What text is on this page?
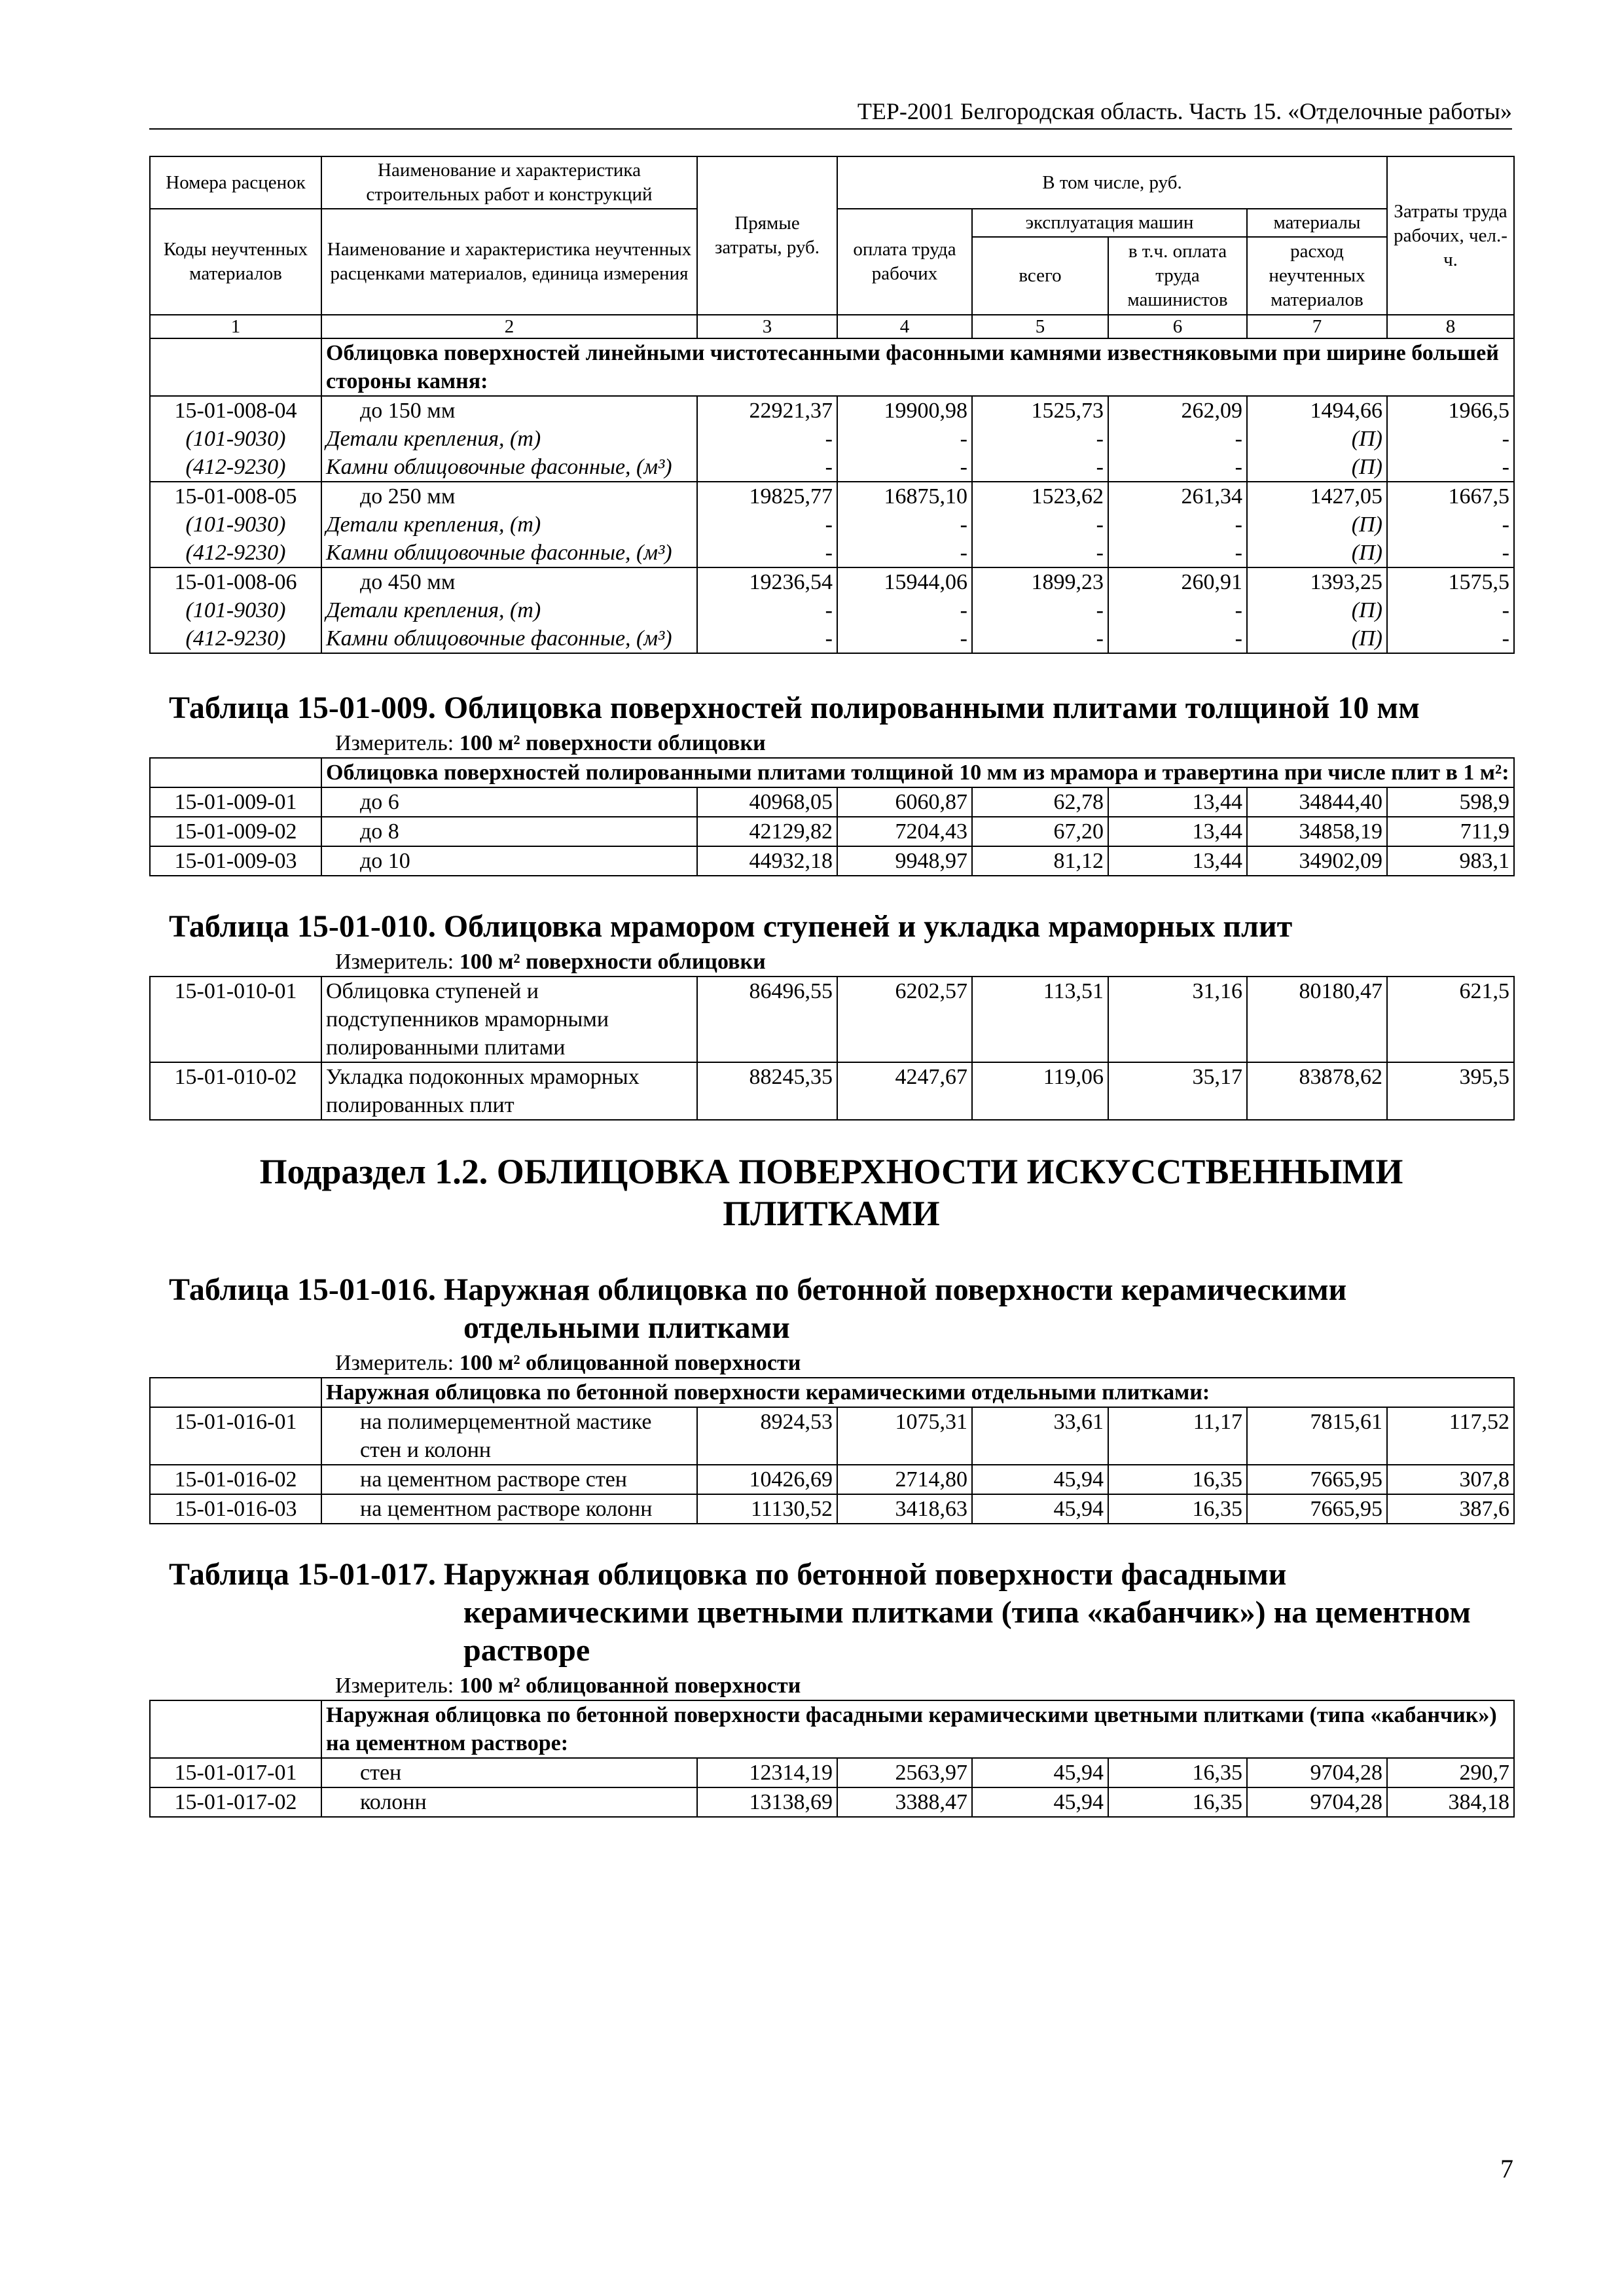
ТЕР-2001 Белгородская область. Часть 15. «Отделочные работы»
Номера расценок	Наименование и характеристика строительных работ и конструкций	Прямые затраты, руб.	В том числе, руб.				Затраты труда рабочих, чел.-ч.
Коды неучтенных материалов	Наименование и характеристика неучтенных расценками материалов, единица измерения		оплата труда рабочих	эксплуатация машин		материалы	
				всего	в т.ч. оплата труда машинистов	расход неучтенных материалов	

1	2	3	4	5	6	7	8
	Облицовка поверхностей линейными чистотесанными фасонными камнями известняковыми при ширине большей стороны камня:						
15-01-008-04	до 150 мм	22921,37	19900,98	1525,73	262,09	1494,66	1966,5
(101-9030)	Детали крепления, (т)	-	-	-	-	(П)	-
(412-9230)	Камни облицовочные фасонные, (м³)	-	-	-	-	(П)	-
15-01-008-05	до 250 мм	19825,77	16875,10	1523,62	261,34	1427,05	1667,5
(101-9030)	Детали крепления, (т)	-	-	-	-	(П)	-
(412-9230)	Камни облицовочные фасонные, (м³)	-	-	-	-	(П)	-
15-01-008-06	до 450 мм	19236,54	15944,06	1899,23	260,91	1393,25	1575,5
(101-9030)	Детали крепления, (т)	-	-	-	-	(П)	-
(412-9230)	Камни облицовочные фасонные, (м³)	-	-	-	-	(П)	-
Таблица 15-01-009. Облицовка поверхностей полированными плитами толщиной 10 мм
Измеритель: 100 м² поверхности облицовки
	Облицовка поверхностей полированными плитами толщиной 10 мм из мрамора и травертина при числе плит в 1 м²:						
15-01-009-01	до 6	40968,05	6060,87	62,78	13,44	34844,40	598,9
15-01-009-02	до 8	42129,82	7204,43	67,20	13,44	34858,19	711,9
15-01-009-03	до 10	44932,18	9948,97	81,12	13,44	34902,09	983,1
Таблица 15-01-010. Облицовка мрамором ступеней и укладка мраморных плит
Измеритель: 100 м² поверхности облицовки
15-01-010-01	Облицовка ступеней и подступенников мраморными полированными плитами	86496,55	6202,57	113,51	31,16	80180,47	621,5
15-01-010-02	Укладка подоконных мраморных полированных плит	88245,35	4247,67	119,06	35,17	83878,62	395,5
Подраздел 1.2. ОБЛИЦОВКА ПОВЕРХНОСТИ ИСКУССТВЕННЫМИ ПЛИТКАМИ
Таблица 15-01-016. Наружная облицовка по бетонной поверхности керамическими отдельными плитками
Измеритель: 100 м² облицованной поверхности
	Наружная облицовка по бетонной поверхности керамическими отдельными плитками:						
15-01-016-01	на полимерцементной мастике стен и колонн	8924,53	1075,31	33,61	11,17	7815,61	117,52
15-01-016-02	на цементном растворе стен	10426,69	2714,80	45,94	16,35	7665,95	307,8
15-01-016-03	на цементном растворе колонн	11130,52	3418,63	45,94	16,35	7665,95	387,6
Таблица 15-01-017. Наружная облицовка по бетонной поверхности фасадными керамическими цветными плитками (типа «кабанчик») на цементном растворе
Измеритель: 100 м² облицованной поверхности
	Наружная облицовка по бетонной поверхности фасадными керамическими цветными плитками (типа «кабанчик») на цементном растворе:						
15-01-017-01	стен	12314,19	2563,97	45,94	16,35	9704,28	290,7
15-01-017-02	колонн	13138,69	3388,47	45,94	16,35	9704,28	384,18
7
